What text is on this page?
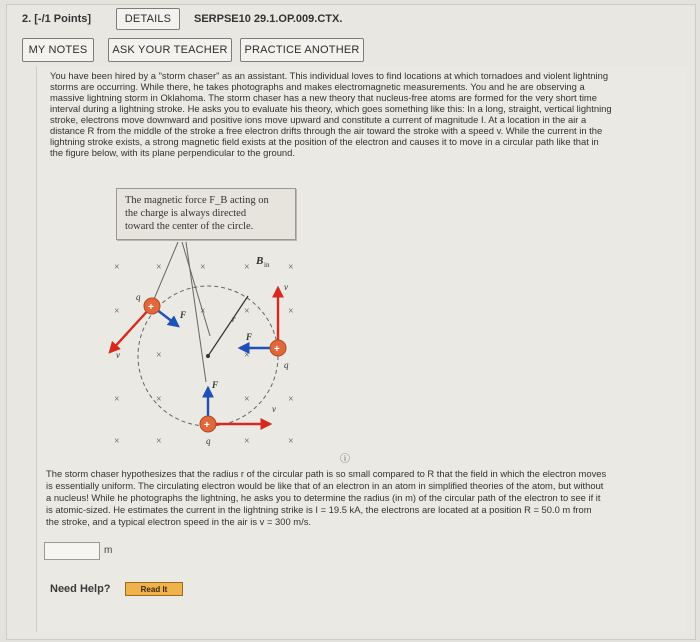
2. [-/1 Points]	DETAILS	SERPSE10 29.1.OP.009.CTX.
MY NOTES	ASK YOUR TEACHER	PRACTICE ANOTHER

You have been hired by a "storm chaser" as an assistant. This individual loves to find locations at which tornadoes and violent lightning

storms are occurring. While there, he takes photographs and makes electromagnetic measurements. You and he are observing a

massive lightning storm in Oklahoma. The storm chaser has a new theory that nucleus-free atoms are formed for the very short time

interval during a lightning stroke. He asks you to evaluate his theory, which goes something like this: In a long, straight, vertical lightning

stroke, electrons move downward and positive ions move upward and constitute a current of magnitude I. At a location in the air a

distance R from the middle of the stroke a free electron drifts through the air toward the stroke with a speed v. While the current in the

lightning stroke exists, a strong magnetic field exists at the position of the electron and causes it to move in a circular path like that in

the figure below, with its plane perpendicular to the ground.

×	×	×	×	×
×	×	×	×
×	×
×	×	×	×
×	×	×	×
B in
+
q
v
F
+
v
F
q
+
v
F
q
r
The magnetic force F_B acting on
the charge is always directed
toward the center of the circle.
ⓘ

The storm chaser hypothesizes that the radius r of the circular path is so small compared to R that the field in which the electron moves

is essentially uniform. The circulating electron would be like that of an electron in an atom in simplified theories of the atom, but without

a nucleus! While he photographs the lightning, he asks you to determine the radius (in m) of the circular path of the electron to see if it

is atomic-sized. He estimates the current in the lightning strike is I = 19.5 kA, the electrons are located at a position R = 50.0 m from

the stroke, and a typical electron speed in the air is v = 300 m/s.

m
Need Help?	Read It
